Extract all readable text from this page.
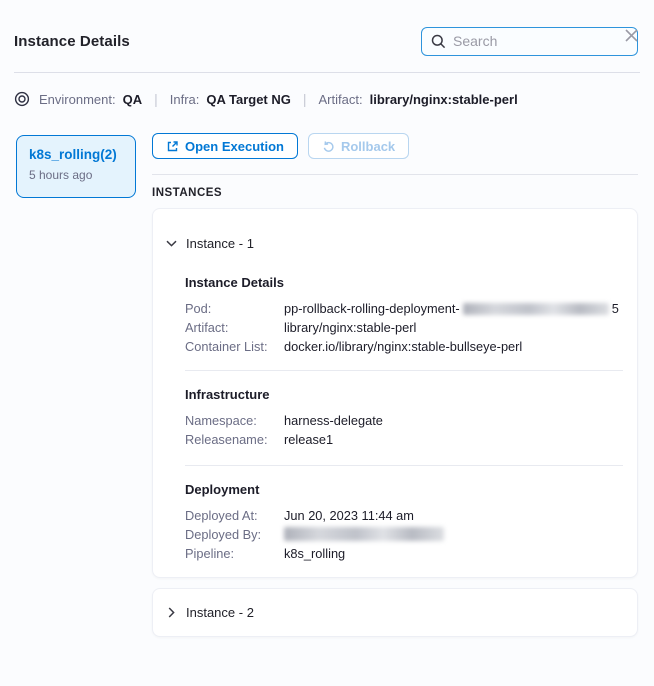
Instance Details
Search
Environment: QA | Infra: QA Target NG | Artifact: library/nginx:stable-perl
k8s_rolling(2)
5 hours ago
Open Execution	Rollback
INSTANCES
Instance - 1
Instance Details
Pod:	pp-rollback-rolling-deployment-	5
Artifact:	library/nginx:stable-perl
Container List:	docker.io/library/nginx:stable-bullseye-perl
Infrastructure
Namespace:	harness-delegate
Releasename:	release1
Deployment
Deployed At:	Jun 20, 2023 11:44 am
Deployed By:
Pipeline:	k8s_rolling
Instance - 2
